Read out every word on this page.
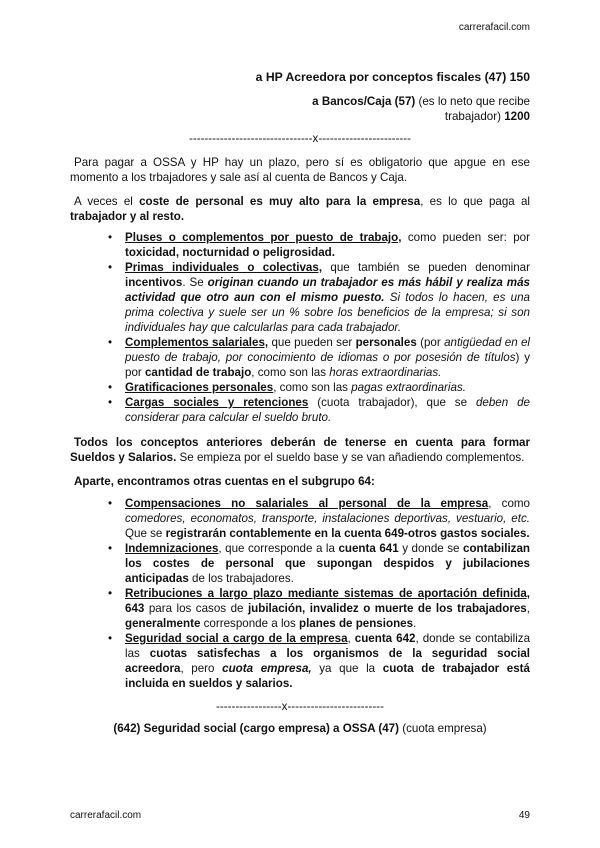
carrerafacil.com

a HP Acreedora por conceptos fiscales (47) 150

a Bancos/Caja (57) (es lo neto que recibe

trabajador) 1200

--------------------------------x------------------------

Para pagar a OSSA y HP hay un plazo, pero sí es obligatorio que apgue en ese momento a los trbajadores y sale así al cuenta de Bancos y Caja.

A veces el coste de personal es muy alto para la empresa, es lo que paga al trabajador y al resto.

• Pluses o complementos por puesto de trabajo, como pueden ser: por toxicidad, nocturnidad o peligrosidad.
• Primas individuales o colectivas, que también se pueden denominar incentivos. Se originan cuando un trabajador es más hábil y realiza más actividad que otro aun con el mismo puesto. Si todos lo hacen, es una prima colectiva y suele ser un % sobre los beneficios de la empresa; si son individuales hay que calcularlas para cada trabajador.
• Complementos salariales, que pueden ser personales (por antigüedad en el puesto de trabajo, por conocimiento de idiomas o por posesión de títulos) y por cantidad de trabajo, como son las horas extraordinarias.
• Gratificaciones personales, como son las pagas extraordinarias.
• Cargas sociales y retenciones (cuota trabajador), que se deben de considerar para calcular el sueldo bruto.

Todos los conceptos anteriores deberán de tenerse en cuenta para formar Sueldos y Salarios. Se empieza por el sueldo base y se van añadiendo complementos.

Aparte, encontramos otras cuentas en el subgrupo 64:

• Compensaciones no salariales al personal de la empresa, como comedores, economatos, transporte, instalaciones deportivas, vestuario, etc. Que se registrarán contablemente en la cuenta 649-otros gastos sociales.
• Indemnizaciones, que corresponde a la cuenta 641 y donde se contabilizan los costes de personal que supongan despidos y jubilaciones anticipadas de los trabajadores.
• Retribuciones a largo plazo mediante sistemas de aportación definida, 643 para los casos de jubilación, invalidez o muerte de los trabajadores, generalmente corresponde a los planes de pensiones.
• Seguridad social a cargo de la empresa, cuenta 642, donde se contabiliza las cuotas satisfechas a los organismos de la seguridad social acreedora, pero cuota empresa, ya que la cuota de trabajador está incluida en sueldos y salarios.

-----------------x-------------------------

(642) Seguridad social (cargo empresa) a OSSA (47) (cuota empresa)

carrerafacil.com	49
